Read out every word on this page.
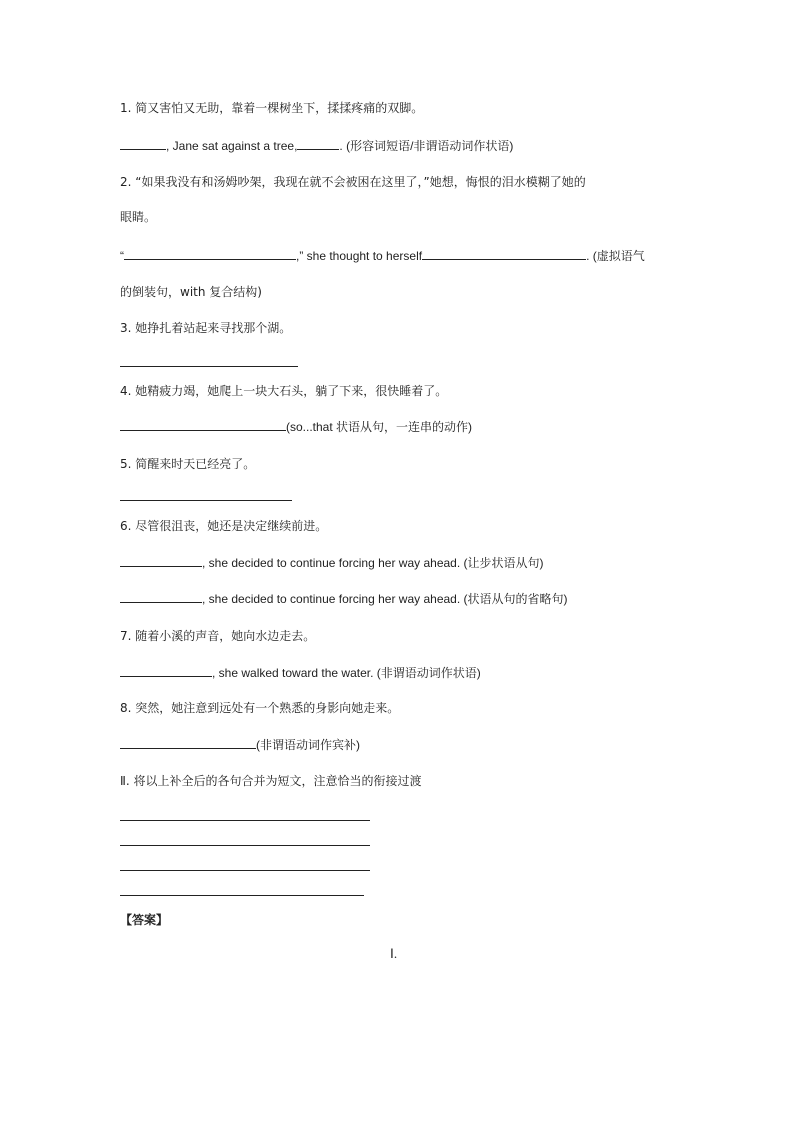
1. 简又害怕又无助，靠着一棵树坐下，揉揉疼痛的双脚。
, Jane sat against a tree,	. (形容词短语/非谓语动词作状语)
2. “如果我没有和汤姆吵架，我现在就不会被困在这里了，”她想，悔恨的泪水模糊了她的
眼睛。
“	,” she thought to herself	. (虚拟语气
的倒装句，with 复合结构)
3. 她挣扎着站起来寻找那个湖。
4. 她精疲力竭，她爬上一块大石头，躺了下来，很快睡着了。
(so...that 状语从句，一连串的动作)
5. 简醒来时天已经亮了。
6. 尽管很沮丧，她还是决定继续前进。
, she decided to continue forcing her way ahead. (让步状语从句)
, she decided to continue forcing her way ahead. (状语从句的省略句)
7. 随着小溪的声音，她向水边走去。
, she walked toward the water. (非谓语动词作状语)
8. 突然，她注意到远处有一个熟悉的身影向她走来。
(非谓语动词作宾补)
Ⅱ. 将以上补全后的各句合并为短文，注意恰当的衔接过渡
【答案】
Ⅰ.
